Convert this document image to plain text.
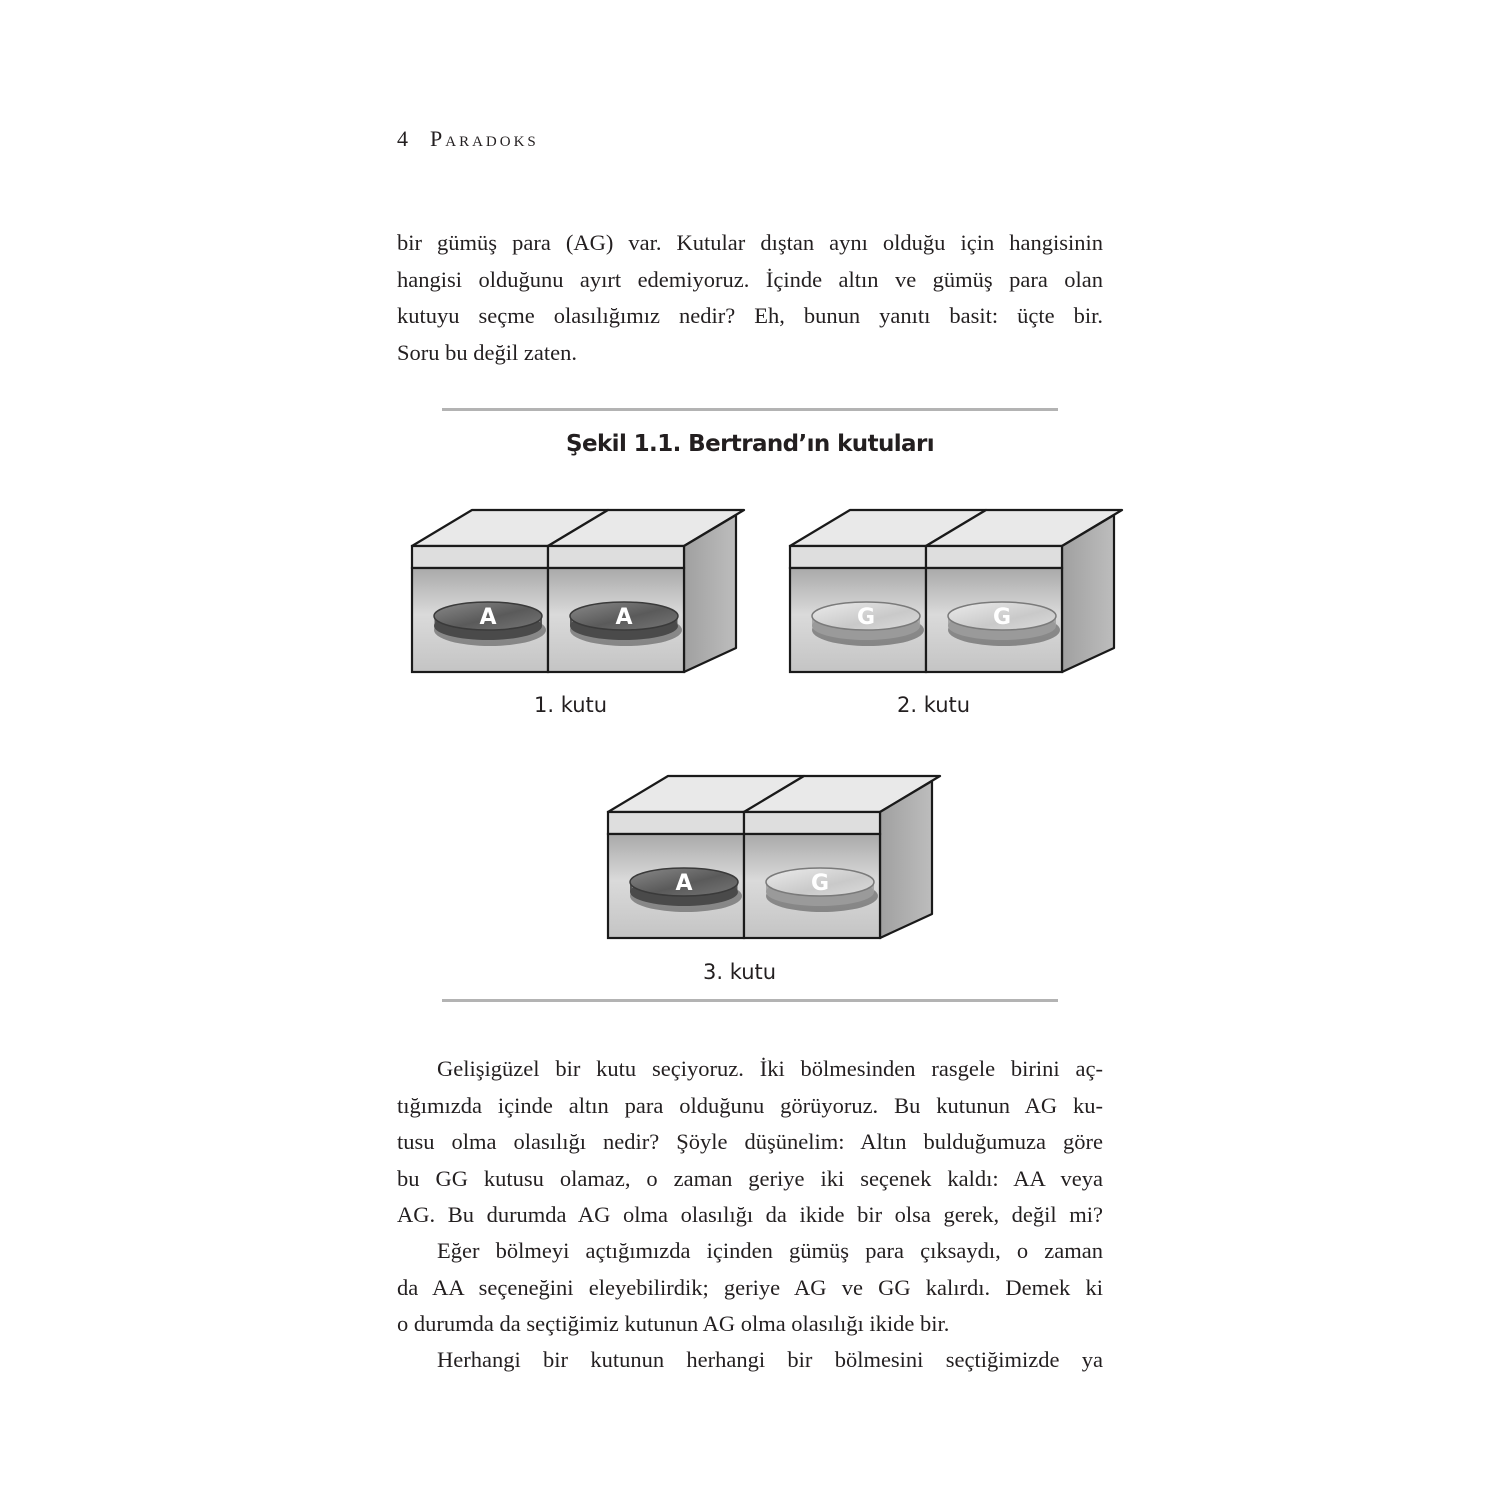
4 Paradoks

bir gümüş para (AG) var. Kutular dıştan aynı olduğu için hangisinin
hangisi olduğunu ayırt edemiyoruz. İçinde altın ve gümüş para olan
kutuyu seçme olasılığımız nedir? Eh, bunun yanıtı basit: üçte bir.
Soru bu değil zaten.

Şekil 1.1. Bertrand’ın kutuları
A	A	G	G
A	G
1. kutu	2. kutu
3. kutu

Gelişigüzel bir kutu seçiyoruz. İki bölmesinden rasgele birini aç-
tığımızda içinde altın para olduğunu görüyoruz. Bu kutunun AG ku-
tusu olma olasılığı nedir? Şöyle düşünelim: Altın bulduğumuza göre
bu GG kutusu olamaz, o zaman geriye iki seçenek kaldı: AA veya
AG. Bu durumda AG olma olasılığı da ikide bir olsa gerek, değil mi?

Eğer bölmeyi açtığımızda içinden gümüş para çıksaydı, o zaman
da AA seçeneğini eleyebilirdik; geriye AG ve GG kalırdı. Demek ki
o durumda da seçtiğimiz kutunun AG olma olasılığı ikide bir.

Herhangi bir kutunun herhangi bir bölmesini seçtiğimizde ya
